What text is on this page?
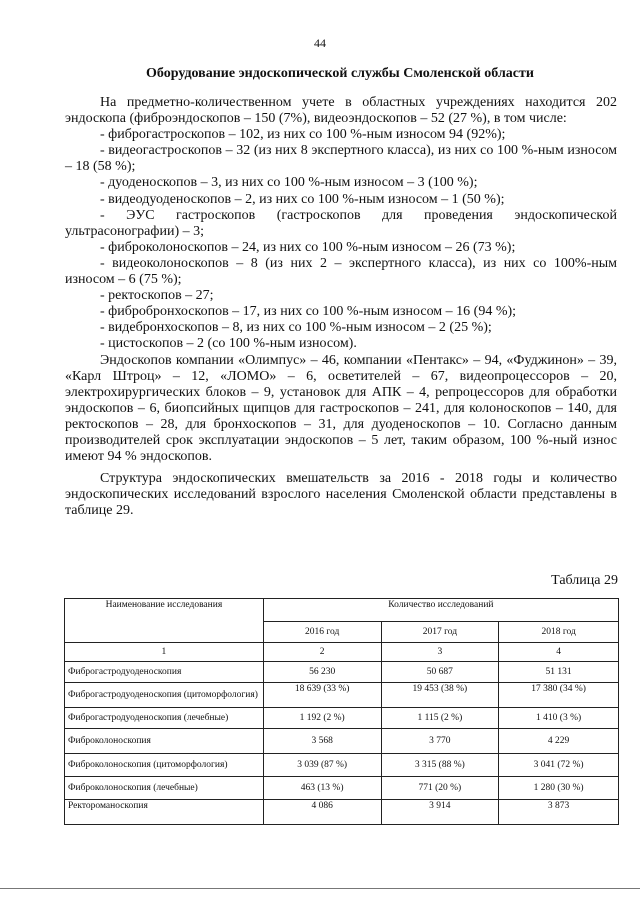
44
Оборудование эндоскопической службы Смоленской области

На предметно-количественном учете в областных учреждениях находится 202 эндоскопа (фиброэндоскопов – 150 (7%), видеоэндоскопов – 52 (27 %), в том числе:

- фиброгастроскопов – 102, из них со 100 %-ным износом 94 (92%);

- видеогастроскопов – 32 (из них 8 экспертного класса), из них со 100 %-ным износом – 18 (58 %);

- дуоденоскопов – 3, из них со 100 %-ным износом – 3 (100 %);

- видеодуоденоскопов – 2, из них со 100 %-ным износом – 1 (50 %);

- ЭУС гастроскопов (гастроскопов для проведения эндоскопической ультрасонографии) – 3;

- фиброколоноскопов – 24, из них со 100 %-ным износом – 26 (73 %);

- видеоколоноскопов – 8 (из них 2 – экспертного класса), из них со 100%-ным износом – 6 (75 %);

- ректоскопов – 27;

- фибробронхоскопов – 17, из них со 100 %-ным износом – 16 (94 %);

- видебронхоскопов – 8, из них со 100 %-ным износом – 2 (25 %);

- цистоскопов – 2 (со 100 %-ным износом).

Эндоскопов компании «Олимпус» – 46, компании «Пентакс» – 94, «Фуджинон» – 39, «Карл Штроц» – 12, «ЛОМО» – 6, осветителей – 67, видеопроцессоров – 20, электрохирургических блоков – 9, установок для АПК – 4, репроцессоров для обработки эндоскопов – 6, биопсийных щипцов для гастроскопов – 241, для колоноскопов – 140, для ректоскопов – 28, для бронхоскопов – 31, для дуоденоскопов – 10. Согласно данным производителей срок эксплуатации эндоскопов – 5 лет, таким образом, 100 %-ный износ имеют 94 % эндоскопов.

Структура эндоскопических вмешательств за 2016 - 2018 годы и количество эндоскопических исследований взрослого населения Смоленской области представлены в таблице 29.

Таблица 29
Наименование исследования	Количество исследований		
	2016 год	2017 год	2018 год
1	2	3	4
Фиброгастродуоденоскопия	56 230	50 687	51 131
Фиброгастродуоденоскопия (цитоморфология)	18 639 (33 %)	19 453 (38 %)	17 380 (34 %)
Фиброгастродуоденоскопия (лечебные)	1 192 (2 %)	1 115 (2 %)	1 410 (3 %)
Фиброколоноскопия	3 568	3 770	4 229
Фиброколоноскопия (цитоморфология)	3 039 (87 %)	3 315 (88 %)	3 041 (72 %)
Фиброколоноскопия (лечебные)	463 (13 %)	771 (20 %)	1 280 (30 %)
Ректороманоскопия	4 086	3 914	3 873
